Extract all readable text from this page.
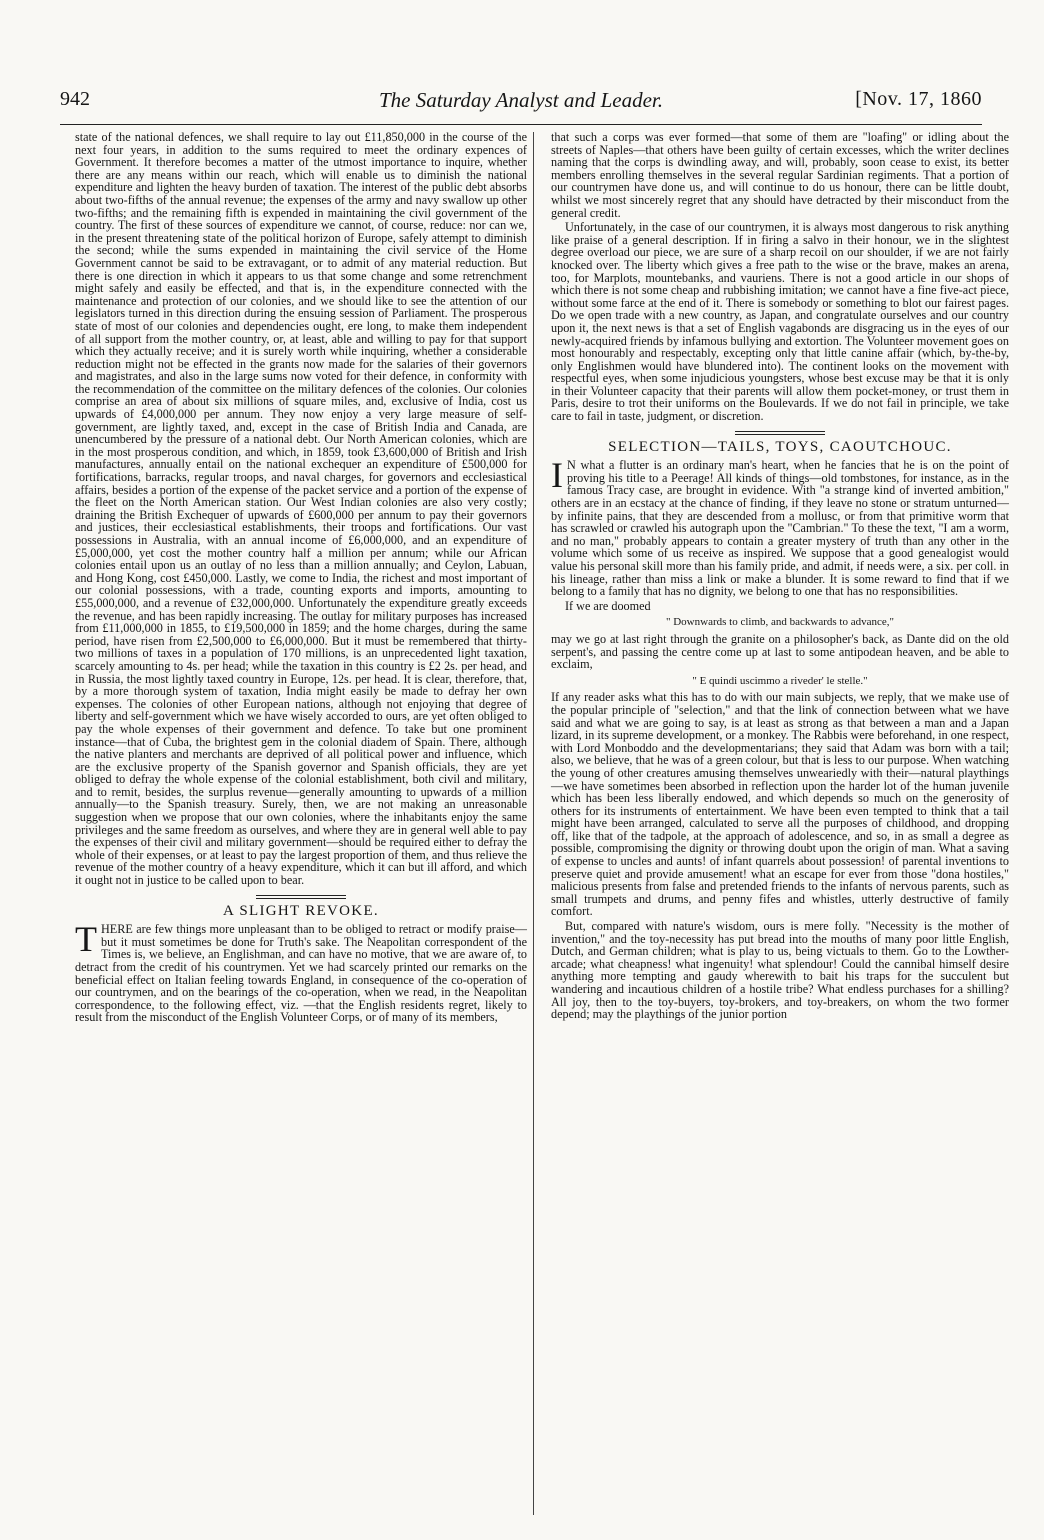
942	The Saturday Analyst and Leader.	[Nov. 17, 1860

state of the national defences, we shall require to lay out £11,850,000 in the course of the next four years, in addition to the sums required to meet the ordinary expences of Government. It therefore becomes a matter of the utmost importance to inquire, whether there are any means within our reach, which will enable us to diminish the national expenditure and lighten the heavy burden of taxation. The interest of the public debt absorbs about two-fifths of the annual revenue; the expenses of the army and navy swallow up other two-fifths; and the remaining fifth is expended in maintaining the civil government of the country. The first of these sources of expenditure we cannot, of course, reduce: nor can we, in the present threatening state of the political horizon of Europe, safely attempt to diminish the second; while the sums expended in maintaining the civil service of the Home Government cannot be said to be extravagant, or to admit of any material reduction. But there is one direction in which it appears to us that some change and some retrenchment might safely and easily be effected, and that is, in the expenditure connected with the maintenance and protection of our colonies, and we should like to see the attention of our legislators turned in this direction during the ensuing session of Parliament. The prosperous state of most of our colonies and dependencies ought, ere long, to make them independent of all support from the mother country, or, at least, able and willing to pay for that support which they actually receive; and it is surely worth while inquiring, whether a considerable reduction might not be effected in the grants now made for the salaries of their governors and magistrates, and also in the large sums now voted for their defence, in conformity with the recommendation of the committee on the military defences of the colonies. Our colonies comprise an area of about six millions of square miles, and, exclusive of India, cost us upwards of £4,000,000 per annum. They now enjoy a very large measure of self-government, are lightly taxed, and, except in the case of British India and Canada, are unencumbered by the pressure of a national debt. Our North American colonies, which are in the most prosperous condition, and which, in 1859, took £3,600,000 of British and Irish manufactures, annually entail on the national exchequer an expenditure of £500,000 for fortifications, barracks, regular troops, and naval charges, for governors and ecclesiastical affairs, besides a portion of the expense of the packet service and a portion of the expense of the fleet on the North American station. Our West Indian colonies are also very costly; draining the British Exchequer of upwards of £600,000 per annum to pay their governors and justices, their ecclesiastical establishments, their troops and fortifications. Our vast possessions in Australia, with an annual income of £6,000,000, and an expenditure of £5,000,000, yet cost the mother country half a million per annum; while our African colonies entail upon us an outlay of no less than a million annually; and Ceylon, Labuan, and Hong Kong, cost £450,000. Lastly, we come to India, the richest and most important of our colonial possessions, with a trade, counting exports and imports, amounting to £55,000,000, and a revenue of £32,000,000. Unfortunately the expenditure greatly exceeds the revenue, and has been rapidly increasing. The outlay for military purposes has increased from £11,000,000 in 1855, to £19,500,000 in 1859; and the home charges, during the same period, have risen from £2,500,000 to £6,000,000. But it must be remembered that thirty-two millions of taxes in a population of 170 millions, is an unprecedented light taxation, scarcely amounting to 4s. per head; while the taxation in this country is £2 2s. per head, and in Russia, the most lightly taxed country in Europe, 12s. per head. It is clear, therefore, that, by a more thorough system of taxation, India might easily be made to defray her own expenses. The colonies of other European nations, although not enjoying that degree of liberty and self-government which we have wisely accorded to ours, are yet often obliged to pay the whole expenses of their government and defence. To take but one prominent instance—that of Cuba, the brightest gem in the colonial diadem of Spain. There, although the native planters and merchants are deprived of all political power and influence, which are the exclusive property of the Spanish governor and Spanish officials, they are yet obliged to defray the whole expense of the colonial establishment, both civil and military, and to remit, besides, the surplus revenue—generally amounting to upwards of a million annually—to the Spanish treasury. Surely, then, we are not making an unreasonable suggestion when we propose that our own colonies, where the inhabitants enjoy the same privileges and the same freedom as ourselves, and where they are in general well able to pay the expenses of their civil and military government—should be required either to defray the whole of their expenses, or at least to pay the largest proportion of them, and thus relieve the revenue of the mother country of a heavy expenditure, which it can but ill afford, and which it ought not in justice to be called upon to bear.

A SLIGHT REVOKE.

THERE are few things more unpleasant than to be obliged to retract or modify praise—but it must sometimes be done for Truth's sake. The Neapolitan correspondent of the Times is, we believe, an Englishman, and can have no motive, that we are aware of, to detract from the credit of his countrymen. Yet we had scarcely printed our remarks on the beneficial effect on Italian feeling towards England, in consequence of the co-operation of our countrymen, and on the bearings of the co-operation, when we read, in the Neapolitan correspondence, to the following effect, viz. —that the English residents regret, likely to result from the misconduct of the English Volunteer Corps, or of many of its members,

that such a corps was ever formed—that some of them are "loafing" or idling about the streets of Naples—that others have been guilty of certain excesses, which the writer declines naming that the corps is dwindling away, and will, probably, soon cease to exist, its better members enrolling themselves in the several regular Sardinian regiments. That a portion of our countrymen have done us, and will continue to do us honour, there can be little doubt, whilst we most sincerely regret that any should have detracted by their misconduct from the general credit.

Unfortunately, in the case of our countrymen, it is always most dangerous to risk anything like praise of a general description. If in firing a salvo in their honour, we in the slightest degree overload our piece, we are sure of a sharp recoil on our shoulder, if we are not fairly knocked over. The liberty which gives a free path to the wise or the brave, makes an arena, too, for Marplots, mountebanks, and vauriens. There is not a good article in our shops of which there is not some cheap and rubbishing imitation; we cannot have a fine five-act piece, without some farce at the end of it. There is somebody or something to blot our fairest pages. Do we open trade with a new country, as Japan, and congratulate ourselves and our country upon it, the next news is that a set of English vagabonds are disgracing us in the eyes of our newly-acquired friends by infamous bullying and extortion. The Volunteer movement goes on most honourably and respectably, excepting only that little canine affair (which, by-the-by, only Englishmen would have blundered into). The continent looks on the movement with respectful eyes, when some injudicious youngsters, whose best excuse may be that it is only in their Volunteer capacity that their parents will allow them pocket-money, or trust them in Paris, desire to trot their uniforms on the Boulevards. If we do not fail in principle, we take care to fail in taste, judgment, or discretion.

SELECTION—TAILS, TOYS, CAOUTCHOUC.

I N what a flutter is an ordinary man's heart, when he fancies that he is on the point of proving his title to a Peerage! All kinds of things—old tombstones, for instance, as in the famous Tracy case, are brought in evidence. With "a strange kind of inverted ambition," others are in an ecstacy at the chance of finding, if they leave no stone or stratum unturned—by infinite pains, that they are descended from a mollusc, or from that primitive worm that has scrawled or crawled his autograph upon the "Cambrian." To these the text, "I am a worm, and no man," probably appears to contain a greater mystery of truth than any other in the volume which some of us receive as inspired. We suppose that a good genealogist would value his personal skill more than his family pride, and admit, if needs were, a six. per coll. in his lineage, rather than miss a link or make a blunder. It is some reward to find that if we belong to a family that has no dignity, we belong to one that has no responsibilities.

If we are doomed

" Downwards to climb, and backwards to advance,"

may we go at last right through the granite on a philosopher's back, as Dante did on the old serpent's, and passing the centre come up at last to some antipodean heaven, and be able to exclaim,

" E quindi uscimmo a riveder' le stelle."

If any reader asks what this has to do with our main subjects, we reply, that we make use of the popular principle of "selection," and that the link of connection between what we have said and what we are going to say, is at least as strong as that between a man and a Japan lizard, in its supreme development, or a monkey. The Rabbis were beforehand, in one respect, with Lord Monboddo and the developmentarians; they said that Adam was born with a tail; also, we believe, that he was of a green colour, but that is less to our purpose. When watching the young of other creatures amusing themselves unweariedly with their—natural playthings—we have sometimes been absorbed in reflection upon the harder lot of the human juvenile which has been less liberally endowed, and which depends so much on the generosity of others for its instruments of entertainment. We have been even tempted to think that a tail might have been arranged, calculated to serve all the purposes of childhood, and dropping off, like that of the tadpole, at the approach of adolescence, and so, in as small a degree as possible, compromising the dignity or throwing doubt upon the origin of man. What a saving of expense to uncles and aunts! of infant quarrels about possession! of parental inventions to preserve quiet and provide amusement! what an escape for ever from those "dona hostiles," malicious presents from false and pretended friends to the infants of nervous parents, such as small trumpets and drums, and penny fifes and whistles, utterly destructive of family comfort.

But, compared with nature's wisdom, ours is mere folly. "Necessity is the mother of invention," and the toy-necessity has put bread into the mouths of many poor little English, Dutch, and German children; what is play to us, being victuals to them. Go to the Lowther-arcade; what cheapness! what ingenuity! what splendour! Could the cannibal himself desire anything more tempting and gaudy wherewith to bait his traps for the succulent but wandering and incautious children of a hostile tribe? What endless purchases for a shilling? All joy, then to the toy-buyers, toy-brokers, and toy-breakers, on whom the two former depend; may the playthings of the junior portion
